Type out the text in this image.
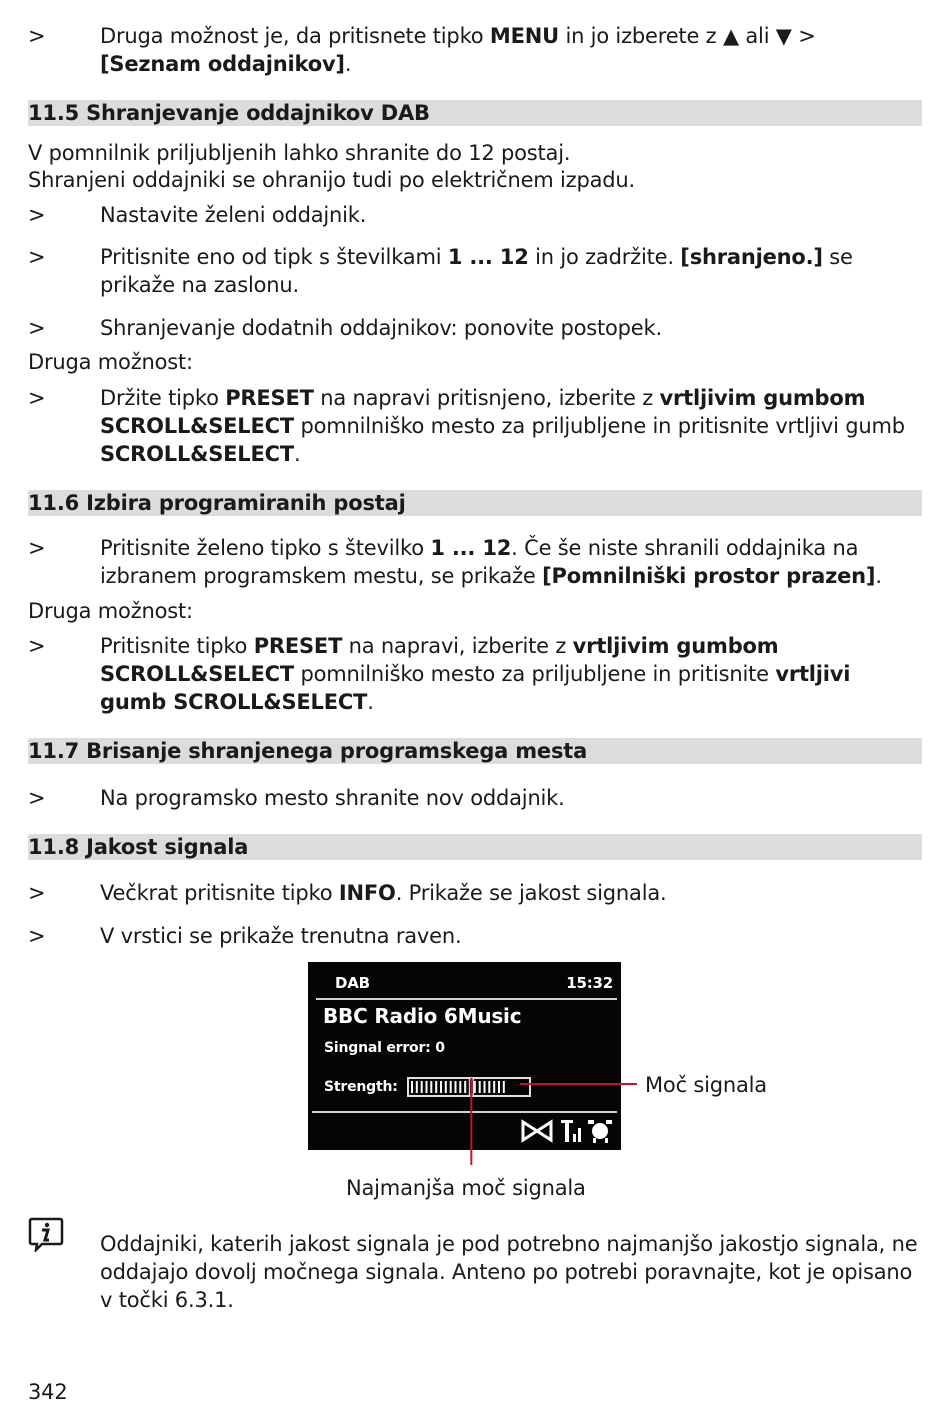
>	Druga možnost je, da pritisnete tipko MENU in jo izberete z ▲ ali ▼ >
[Seznam oddajnikov].
11.5 Shranjevanje oddajnikov DAB
V pomnilnik priljubljenih lahko shranite do 12 postaj.
Shranjeni oddajniki se ohranijo tudi po električnem izpadu.
>	Nastavite želeni oddajnik.
>	Pritisnite eno od tipk s številkami 1 ... 12 in jo zadržite. [shranjeno.] se prikaže na zaslonu.
>	Shranjevanje dodatnih oddajnikov: ponovite postopek.
Druga možnost:
>	Držite tipko PRESET na napravi pritisnjeno, izberite z vrtljivim gumbom SCROLL&SELECT pomnilniško mesto za priljubljene in pritisnite vrtljivi gumb SCROLL&SELECT.
11.6 Izbira programiranih postaj
>	Pritisnite želeno tipko s številko 1 ... 12. Če še niste shranili oddajnika na izbranem programskem mestu, se prikaže [Pomnilniški prostor prazen].
Druga možnost:
>	Pritisnite tipko PRESET na napravi, izberite z vrtljivim gumbom SCROLL&SELECT pomnilniško mesto za priljubljene in pritisnite vrtljivi gumb SCROLL&SELECT.
11.7 Brisanje shranjenega programskega mesta
>	Na programsko mesto shranite nov oddajnik.
11.8 Jakost signala
>	Večkrat pritisnite tipko INFO. Prikaže se jakost signala.
>	V vrstici se prikaže trenutna raven.
DAB	15:32
BBC Radio 6Music
Singnal error: 0
Strength:	Moč signala
Najmanjša moč signala
Oddajniki, katerih jakost signala je pod potrebno najmanjšo jakostjo signala, ne oddajajo dovolj močnega signala. Anteno po potrebi poravnajte, kot je opisano v točki 6.3.1.
342
